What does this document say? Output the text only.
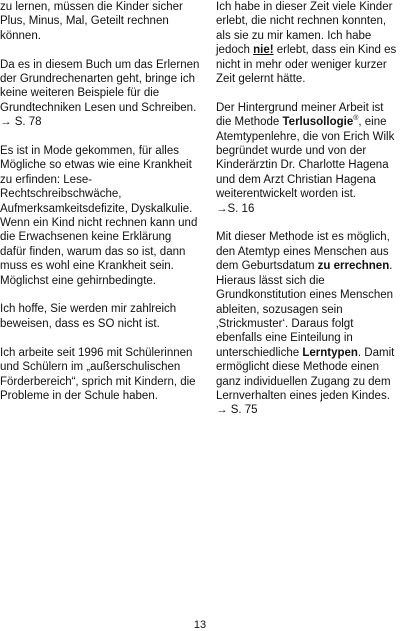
zu lernen, müssen die Kinder sicher Plus, Minus, Mal, Geteilt rechnen können.

Da es in diesem Buch um das Erlernen der Grundrechenarten geht, bringe ich keine weiteren Beispiele für die Grundtechniken Lesen und Schreiben. → S. 78

Es ist in Mode gekommen, für alles Mögliche so etwas wie eine Krankheit zu erfinden: Lese-Rechtschreibschwäche, Aufmerksamkeitsdefizite, Dyskalkulie. Wenn ein Kind nicht rechnen kann und die Erwachsenen keine Erklärung dafür finden, warum das so ist, dann muss es wohl eine Krankheit sein. Möglichst eine gehirnbedingte.

Ich hoffe, Sie werden mir zahlreich beweisen, dass es SO nicht ist.

Ich arbeite seit 1996 mit Schülerinnen und Schülern im „außerschulischen Förderbereich“, sprich mit Kindern, die Probleme in der Schule haben.

Ich habe in dieser Zeit viele Kinder erlebt, die nicht rechnen konnten, als sie zu mir kamen. Ich habe jedoch nie! erlebt, dass ein Kind es nicht in mehr oder weniger kurzer Zeit gelernt hätte.

Der Hintergrund meiner Arbeit ist die Methode Terlusollogie®, eine Atemtypenlehre, die von Erich Wilk begründet wurde und von der Kinderärztin Dr. Charlotte Hagena und dem Arzt Christian Hagena weiterentwickelt worden ist.
→S. 16

Mit dieser Methode ist es möglich, den Atemtyp eines Menschen aus dem Geburtsdatum zu errechnen. Hieraus lässt sich die Grundkonstitution eines Menschen ableiten, sozusagen sein ‚Strickmuster‘. Daraus folgt ebenfalls eine Einteilung in unterschiedliche Lerntypen. Damit ermöglicht diese Methode einen ganz individuellen Zugang zu dem Lernverhalten eines jeden Kindes.
→ S. 75

13
